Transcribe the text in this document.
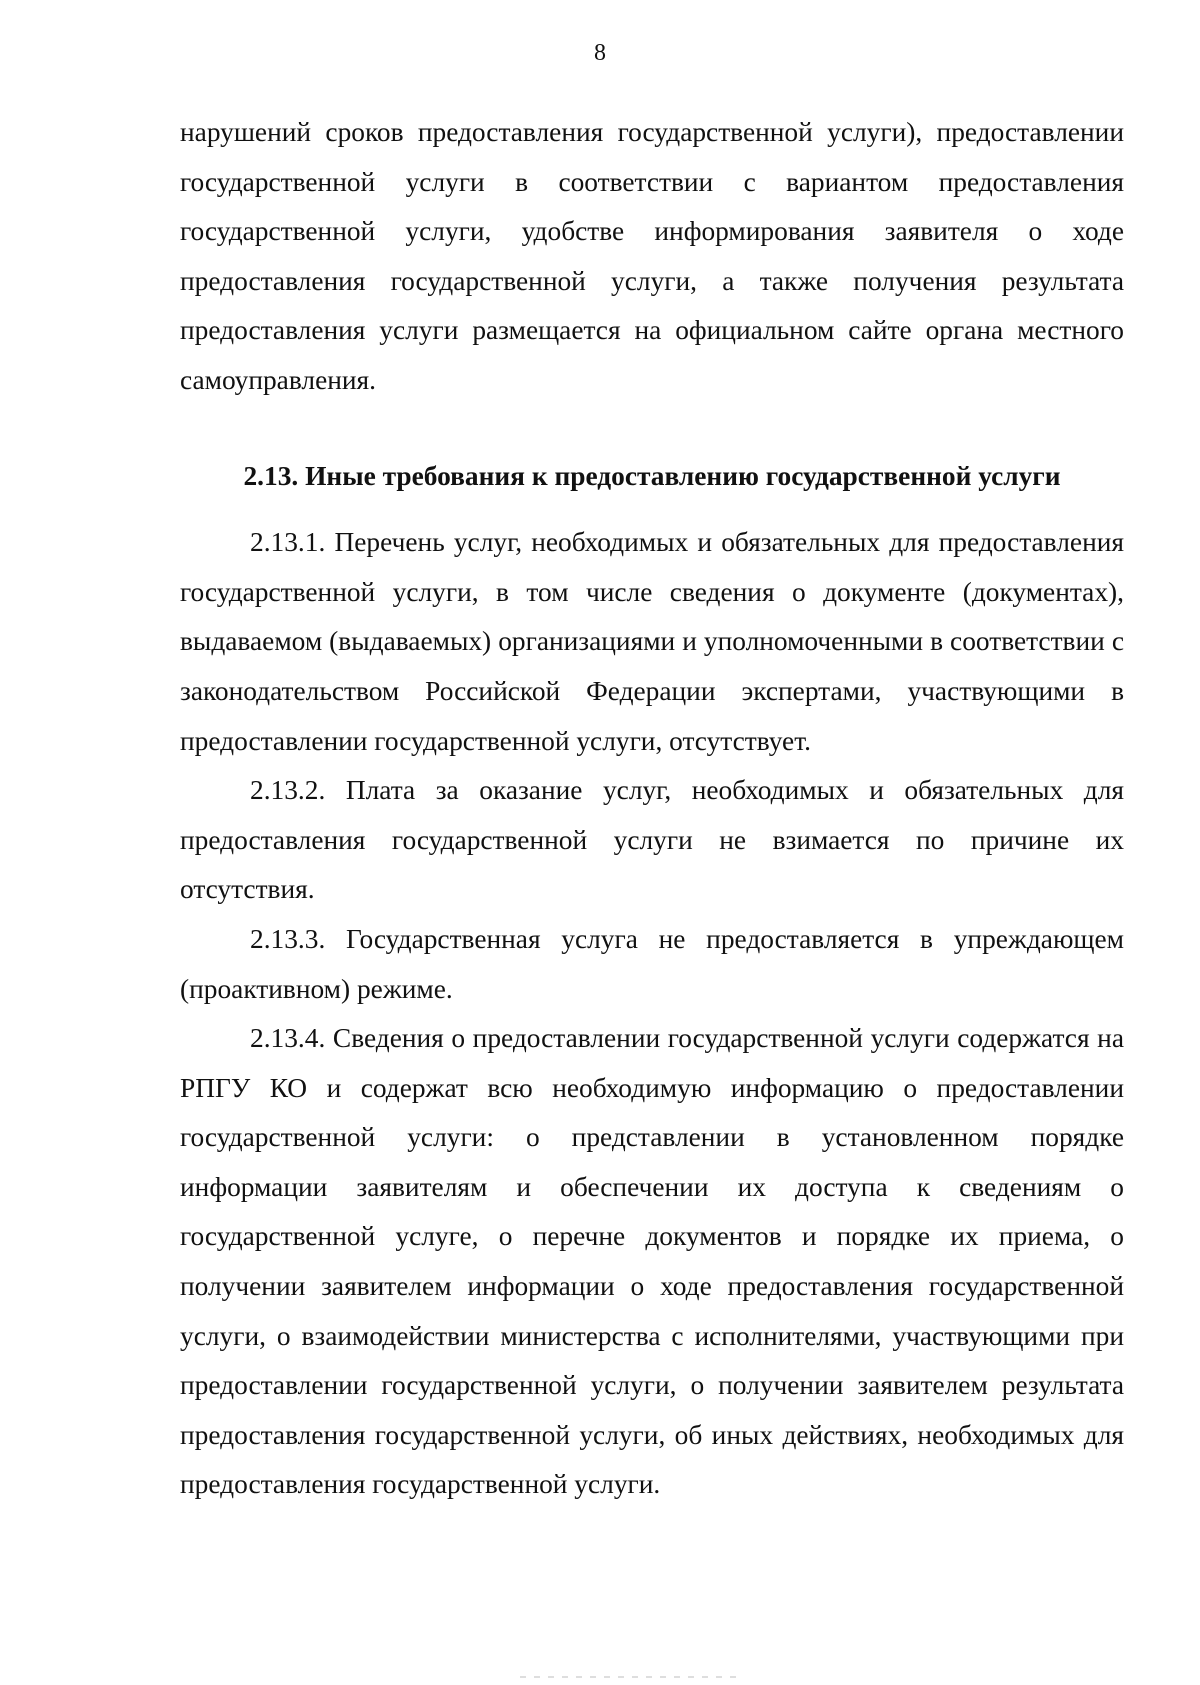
8

нарушений сроков предоставления государственной услуги), предоставлении государственной услуги в соответствии с вариантом предоставления государственной услуги, удобстве информирования заявителя о ходе предоставления государственной услуги, а также получения результата предоставления услуги размещается на официальном сайте органа местного самоуправления.

2.13. Иные требования к предоставлению государственной услуги

2.13.1. Перечень услуг, необходимых и обязательных для предоставления государственной услуги, в том числе сведения о документе (документах), выдаваемом (выдаваемых) организациями и уполномоченными в соответствии с законодательством Российской Федерации экспертами, участвующими в предоставлении государственной услуги, отсутствует.

2.13.2. Плата за оказание услуг, необходимых и обязательных для предоставления государственной услуги не взимается по причине их отсутствия.

2.13.3. Государственная услуга не предоставляется в упреждающем (проактивном) режиме.

2.13.4. Сведения о предоставлении государственной услуги содержатся на РПГУ КО и содержат всю необходимую информацию о предоставлении государственной услуги: о представлении в установленном порядке информации заявителям и обеспечении их доступа к сведениям о государственной услуге, о перечне документов и порядке их приема, о получении заявителем информации о ходе предоставления государственной услуги, о взаимодействии министерства с исполнителями, участвующими при предоставлении государственной услуги, о получении заявителем результата предоставления государственной услуги, об иных действиях, необходимых для предоставления государственной услуги.
